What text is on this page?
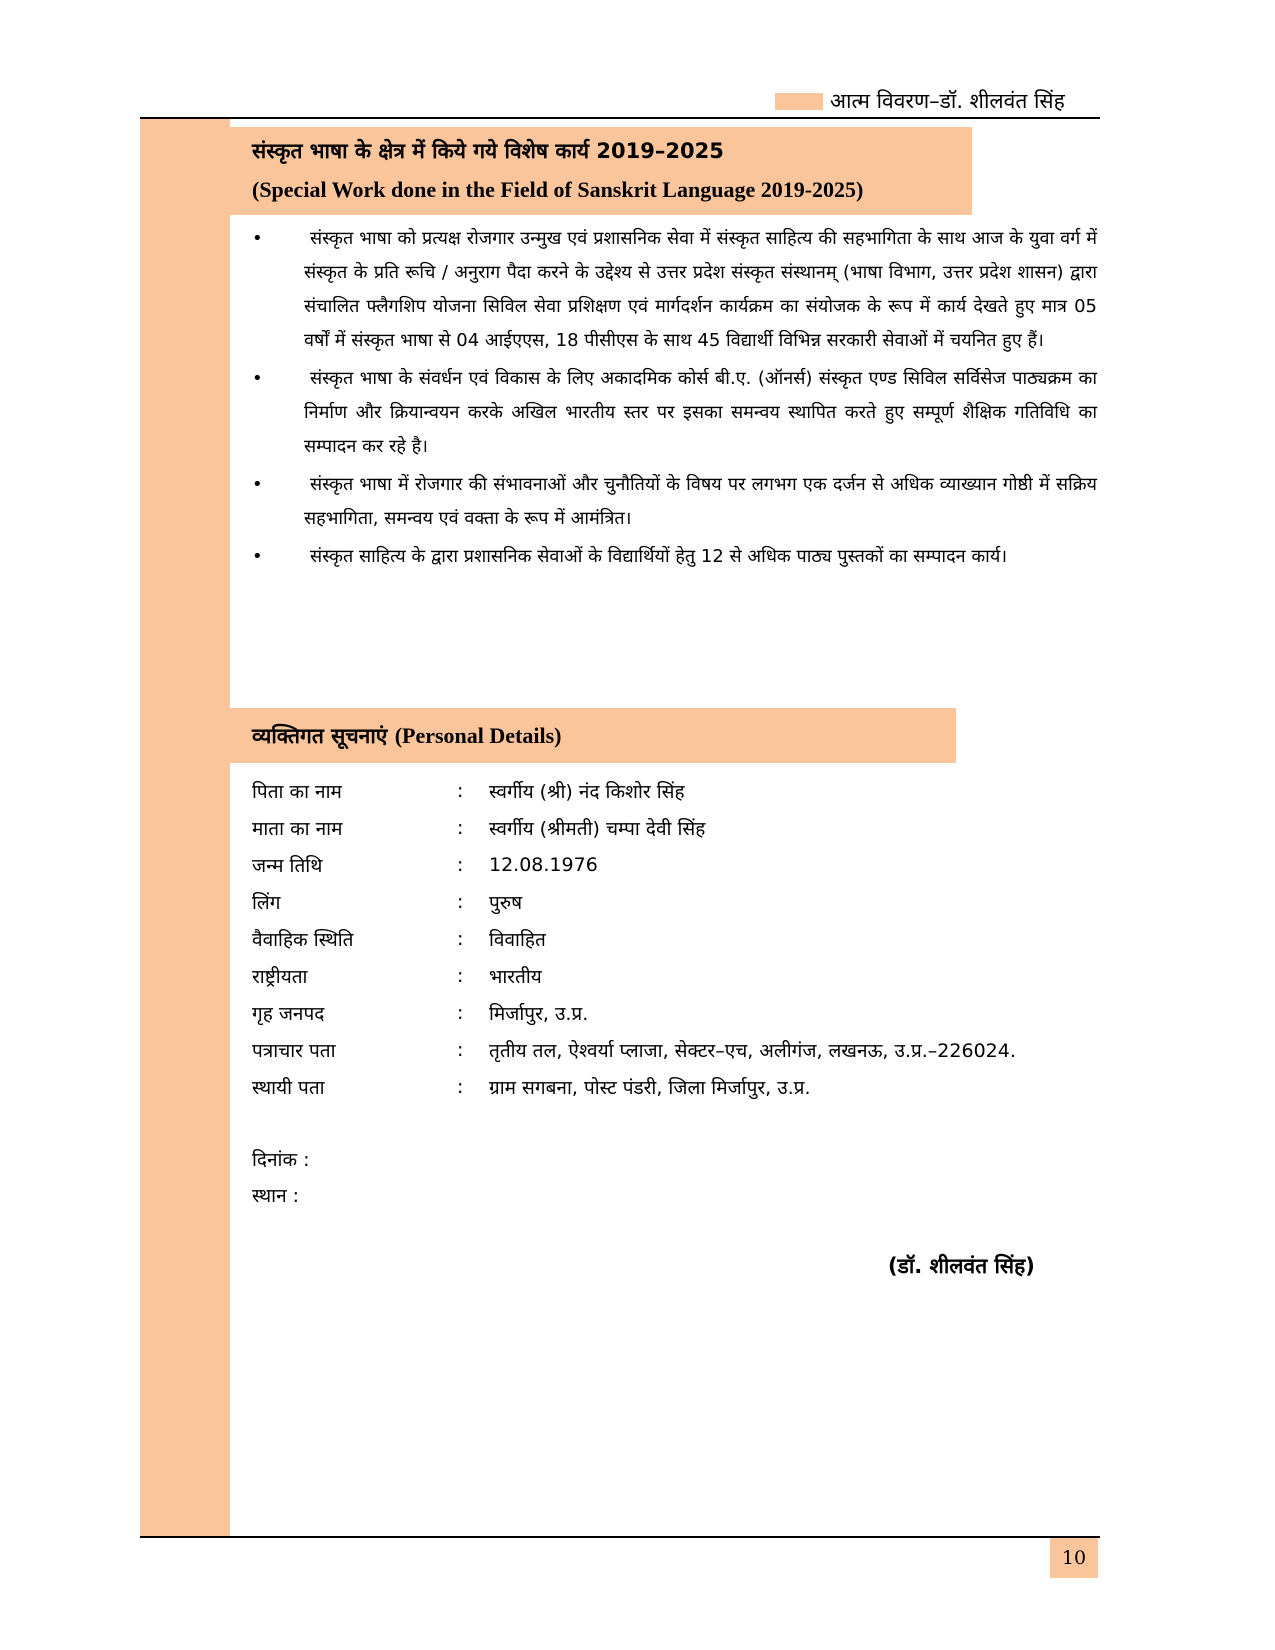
आत्म विवरण–डॉ. शीलवंत सिंह
संस्कृत भाषा के क्षेत्र में किये गये विशेष कार्य 2019–2025
(Special Work done in the Field of Sanskrit Language 2019-2025)
•	संस्कृत भाषा को प्रत्यक्ष रोजगार उन्मुख एवं प्रशासनिक सेवा में संस्कृत साहित्य की सहभागिता के साथ आज के युवा वर्ग में संस्कृत के प्रति रूचि / अनुराग पैदा करने के उद्देश्य से उत्तर प्रदेश संस्कृत संस्थानम् (भाषा विभाग, उत्तर प्रदेश शासन) द्वारा संचालित फ्लैगशिप योजना सिविल सेवा प्रशिक्षण एवं मार्गदर्शन कार्यक्रम का संयोजक के रूप में कार्य देखते हुए मात्र 05 वर्षों में संस्कृत भाषा से 04 आईएएस, 18 पीसीएस के साथ 45 विद्यार्थी विभिन्न सरकारी सेवाओं में चयनित हुए हैं।
•	संस्कृत भाषा के संवर्धन एवं विकास के लिए अकादमिक कोर्स बी.ए. (ऑनर्स) संस्कृत एण्ड सिविल सर्विसेज पाठ्यक्रम का निर्माण और क्रियान्वयन करके अखिल भारतीय स्तर पर इसका समन्वय स्थापित करते हुए सम्पूर्ण शैक्षिक गतिविधि का सम्पादन कर रहे है।
•	संस्कृत भाषा में रोजगार की संभावनाओं और चुनौतियों के विषय पर लगभग एक दर्जन से अधिक व्याख्यान गोष्ठी में सक्रिय सहभागिता, समन्वय एवं वक्ता के रूप में आमंत्रित।
•	संस्कृत साहित्य के द्वारा प्रशासनिक सेवाओं के विद्यार्थियों हेतु 12 से अधिक पाठ्य पुस्तकों का सम्पादन कार्य।
व्यक्तिगत सूचनाएं (Personal Details)
पिता का नाम	:	स्वर्गीय (श्री) नंद किशोर सिंह
माता का नाम	:	स्वर्गीय (श्रीमती) चम्पा देवी सिंह
जन्म तिथि	:	12.08.1976
लिंग	:	पुरुष
वैवाहिक स्थिति	:	विवाहित
राष्ट्रीयता	:	भारतीय
गृह जनपद	:	मिर्जापुर, उ.प्र.
पत्राचार पता	:	तृतीय तल, ऐश्वर्या प्लाजा, सेक्टर–एच, अलीगंज, लखनऊ, उ.प्र.–226024.
स्थायी पता	:	ग्राम सगबना, पोस्ट पंडरी, जिला मिर्जापुर, उ.प्र.
दिनांक :
स्थान :
(डॉ. शीलवंत सिंह)
10
